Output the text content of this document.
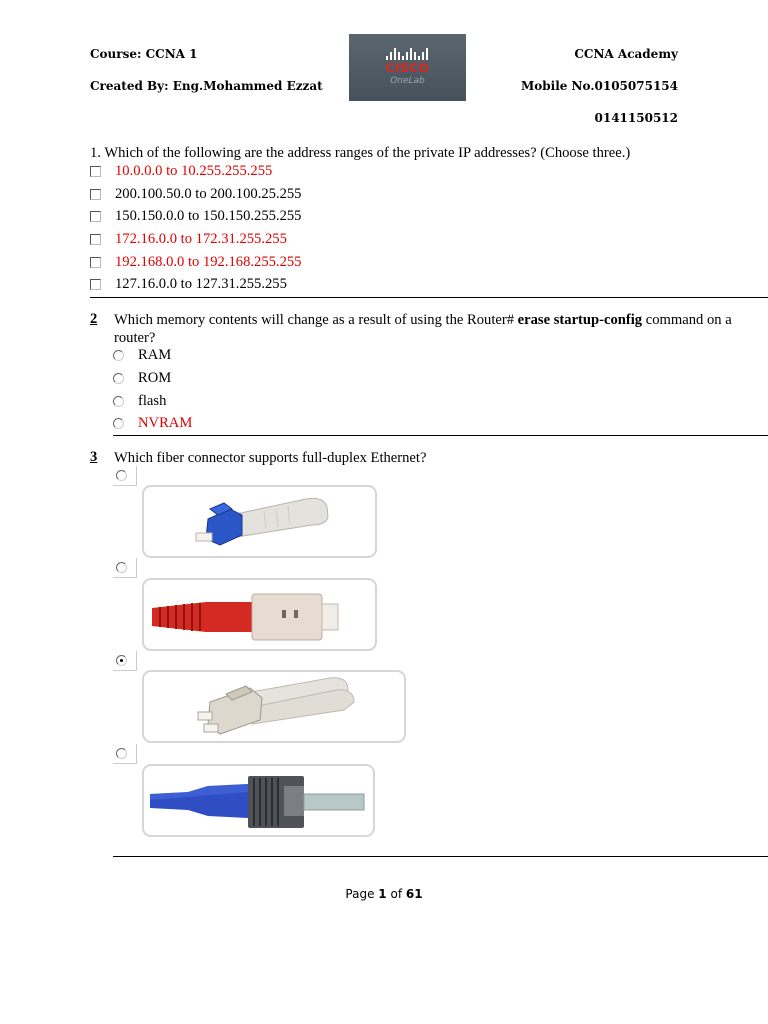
Course: CCNA 1
Created By: Eng.Mohammed Ezzat
CCNA Academy
Mobile No.0105075154
0141150512
CISCO
OneLab
1. Which of the following are the address ranges of the private IP addresses? (Choose three.)
10.0.0.0 to 10.255.255.255
200.100.50.0 to 200.100.25.255
150.150.0.0 to 150.150.255.255
172.16.0.0 to 172.31.255.255
192.168.0.0 to 192.168.255.255
127.16.0.0 to 127.31.255.255
2 Which memory contents will change as a result of using the Router# erase startup-config command on a router?
RAM
ROM
flash
NVRAM
3 Which fiber connector supports full-duplex Ethernet?
Page 1 of 61
